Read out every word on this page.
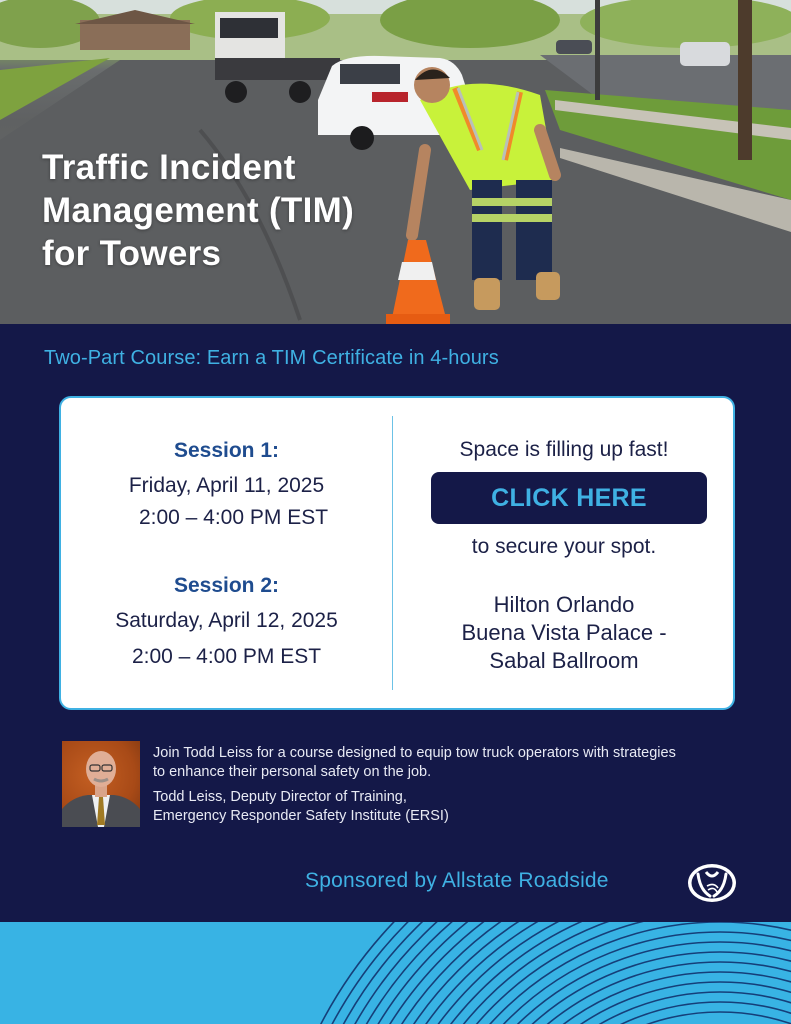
Traffic Incident
Management (TIM)
for Towers
Two-Part Course: Earn a TIM Certificate in 4-hours
Session 1:
Friday, April 11, 2025
2:00 – 4:00 PM EST
Session 2:
Saturday, April 12, 2025
2:00 – 4:00 PM EST
Space is filling up fast!
CLICK HERE
to secure your spot.
Hilton Orlando
Buena Vista Palace -
Sabal Ballroom

Join Todd Leiss for a course designed to equip tow truck operators with strategies to enhance their personal safety on the job.

Todd Leiss, Deputy Director of Training,
Emergency Responder Safety Institute (ERSI)

Sponsored by Allstate Roadside
